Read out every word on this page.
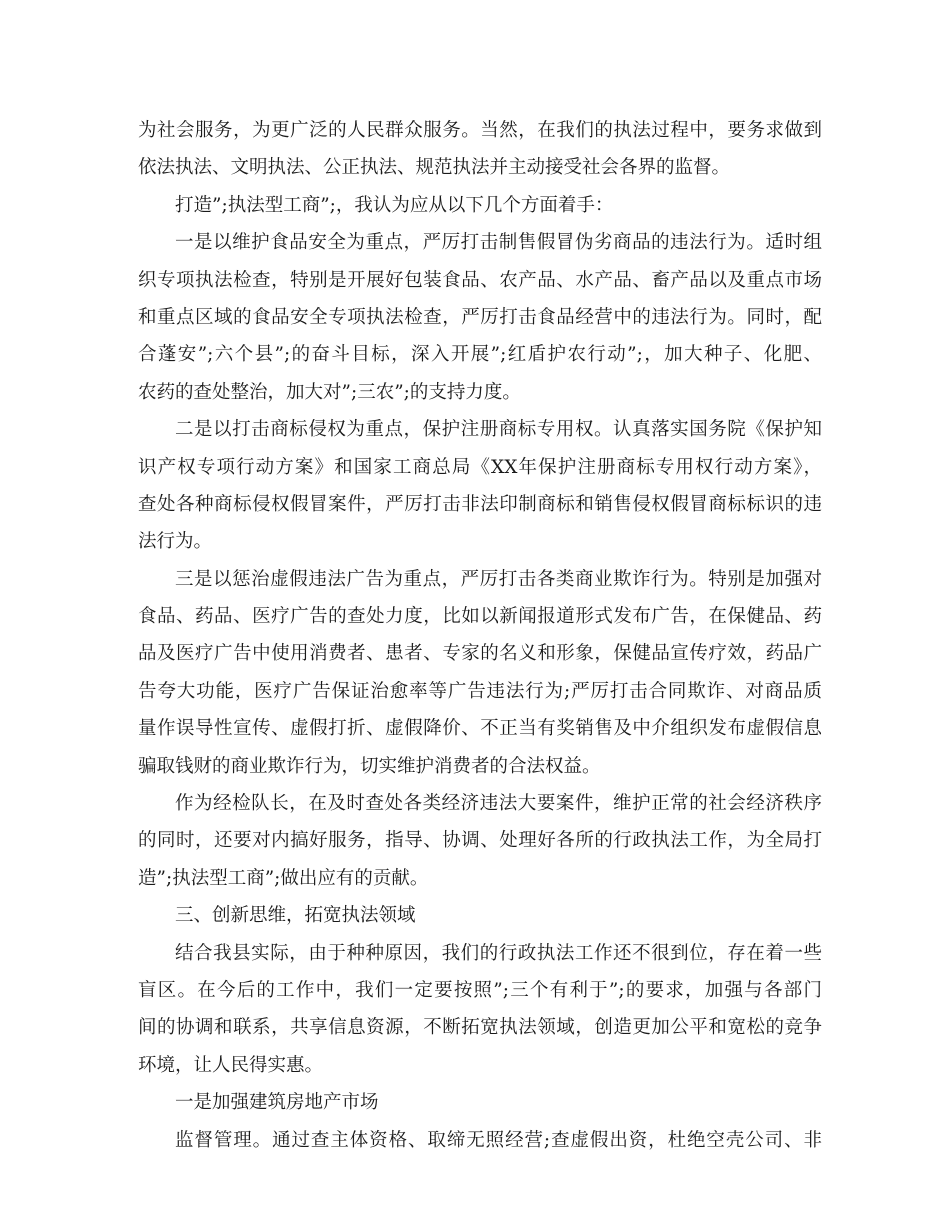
为社会服务，为更广泛的人民群众服务。当然，在我们的执法过程中，要务求做到
依法执法、文明执法、公正执法、规范执法并主动接受社会各界的监督。
打造”;执法型工商”;，我认为应从以下几个方面着手：
一是以维护食品安全为重点，严厉打击制售假冒伪劣商品的违法行为。适时组
织专项执法检查，特别是开展好包装食品、农产品、水产品、畜产品以及重点市场
和重点区域的食品安全专项执法检查，严厉打击食品经营中的违法行为。同时，配
合蓬安”;六个县”;的奋斗目标，深入开展”;红盾护农行动”;，加大种子、化肥、
农药的查处整治，加大对”;三农”;的支持力度。
二是以打击商标侵权为重点，保护注册商标专用权。认真落实国务院《保护知
识产权专项行动方案》和国家工商总局《XX年保护注册商标专用权行动方案》，
查处各种商标侵权假冒案件，严厉打击非法印制商标和销售侵权假冒商标标识的违
法行为。
三是以惩治虚假违法广告为重点，严厉打击各类商业欺诈行为。特别是加强对
食品、药品、医疗广告的查处力度，比如以新闻报道形式发布广告，在保健品、药
品及医疗广告中使用消费者、患者、专家的名义和形象，保健品宣传疗效，药品广
告夸大功能，医疗广告保证治愈率等广告违法行为;严厉打击合同欺诈、对商品质
量作误导性宣传、虚假打折、虚假降价、不正当有奖销售及中介组织发布虚假信息
骗取钱财的商业欺诈行为，切实维护消费者的合法权益。
作为经检队长，在及时查处各类经济违法大要案件，维护正常的社会经济秩序
的同时，还要对内搞好服务，指导、协调、处理好各所的行政执法工作，为全局打
造”;执法型工商”;做出应有的贡献。
三、创新思维，拓宽执法领域
结合我县实际，由于种种原因，我们的行政执法工作还不很到位，存在着一些
盲区。在今后的工作中，我们一定要按照”;三个有利于”;的要求，加强与各部门
间的协调和联系，共享信息资源，不断拓宽执法领域，创造更加公平和宽松的竞争
环境，让人民得实惠。
一是加强建筑房地产市场
监督管理。通过查主体资格、取缔无照经营;查虚假出资，杜绝空壳公司、非
